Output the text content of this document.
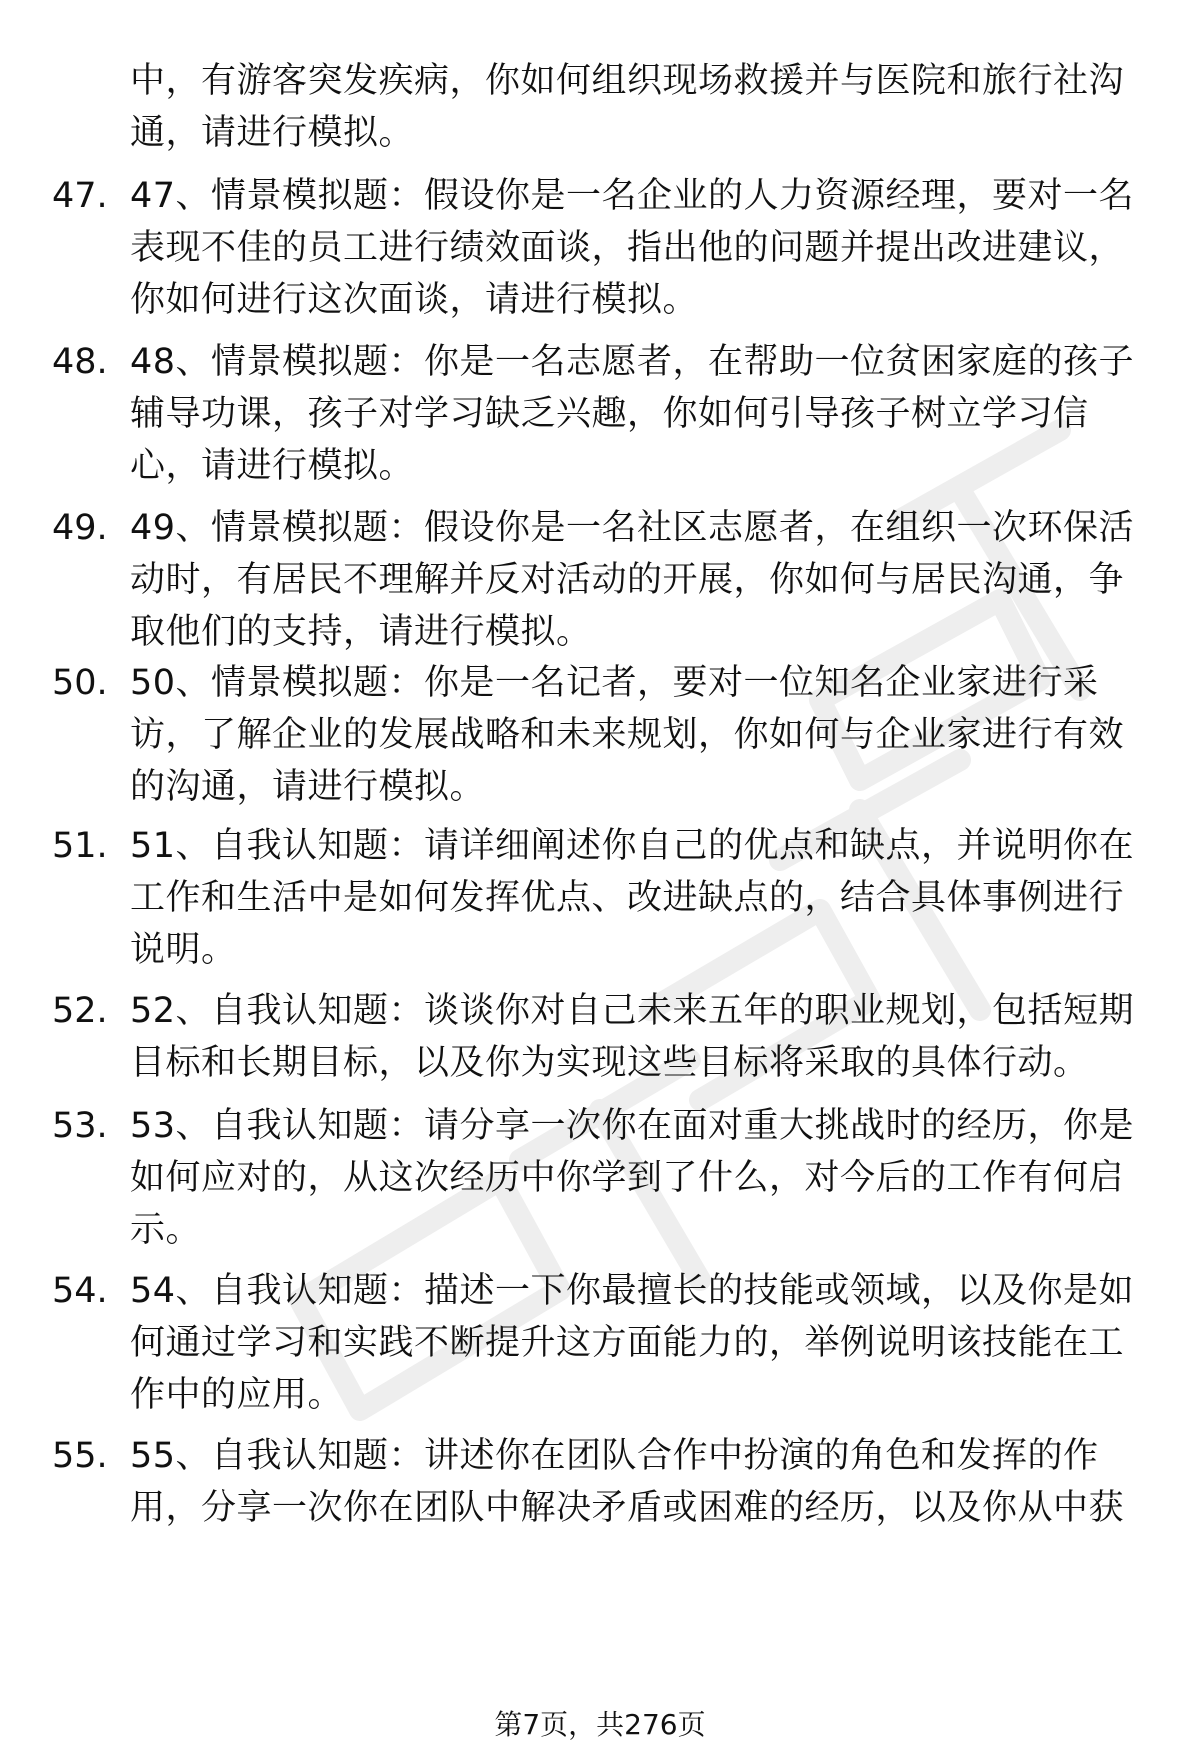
中，有游客突发疾病，你如何组织现场救援并与医院和旅行社沟通，请进行模拟。
47. 47、情景模拟题：假设你是一名企业的人力资源经理，要对一名表现不佳的员工进行绩效面谈，指出他的问题并提出改进建议，你如何进行这次面谈，请进行模拟。
48. 48、情景模拟题：你是一名志愿者，在帮助一位贫困家庭的孩子辅导功课，孩子对学习缺乏兴趣，你如何引导孩子树立学习信心，请进行模拟。
49. 49、情景模拟题：假设你是一名社区志愿者，在组织一次环保活动时，有居民不理解并反对活动的开展，你如何与居民沟通，争取他们的支持，请进行模拟。
50. 50、情景模拟题：你是一名记者，要对一位知名企业家进行采访，了解企业的发展战略和未来规划，你如何与企业家进行有效的沟通，请进行模拟。
51. 51、自我认知题：请详细阐述你自己的优点和缺点，并说明你在工作和生活中是如何发挥优点、改进缺点的，结合具体事例进行说明。
52. 52、自我认知题：谈谈你对自己未来五年的职业规划，包括短期目标和长期目标，以及你为实现这些目标将采取的具体行动。
53. 53、自我认知题：请分享一次你在面对重大挑战时的经历，你是如何应对的，从这次经历中你学到了什么，对今后的工作有何启示。
54. 54、自我认知题：描述一下你最擅长的技能或领域，以及你是如何通过学习和实践不断提升这方面能力的，举例说明该技能在工作中的应用。
55. 55、自我认知题：讲述你在团队合作中扮演的角色和发挥的作用，分享一次你在团队中解决矛盾或困难的经历，以及你从中获
第7页，共276页
